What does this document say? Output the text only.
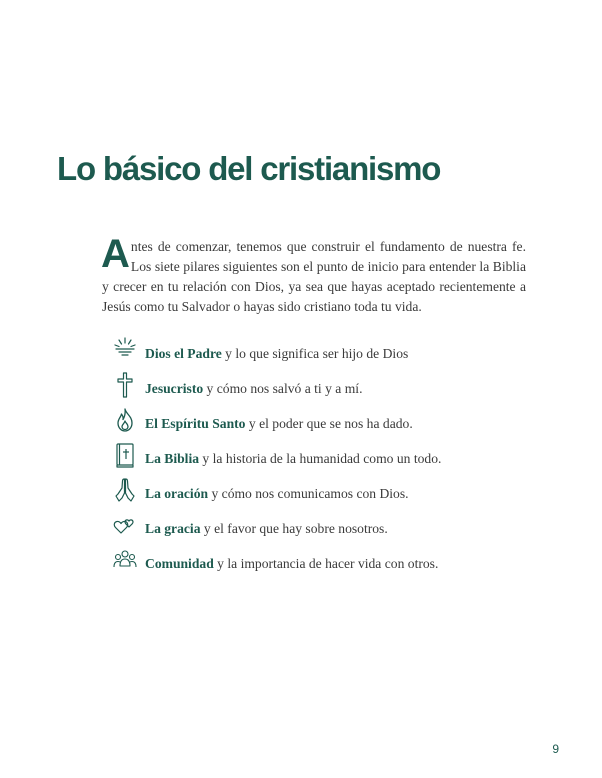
Lo básico del cristianismo

Antes de comenzar, tenemos que construir el fundamento de nuestra fe. Los siete pilares siguientes son el punto de inicio para entender la Biblia y crecer en tu relación con Dios, ya sea que hayas aceptado recientemente a Jesús como tu Salvador o hayas sido cristiano toda tu vida.

Dios el Padre y lo que significa ser hijo de Dios
Jesucristo y cómo nos salvó a ti y a mí.
El Espíritu Santo y el poder que se nos ha dado.
La Biblia y la historia de la humanidad como un todo.
La oración y cómo nos comunicamos con Dios.
La gracia y el favor que hay sobre nosotros.
Comunidad y la importancia de hacer vida con otros.
9
